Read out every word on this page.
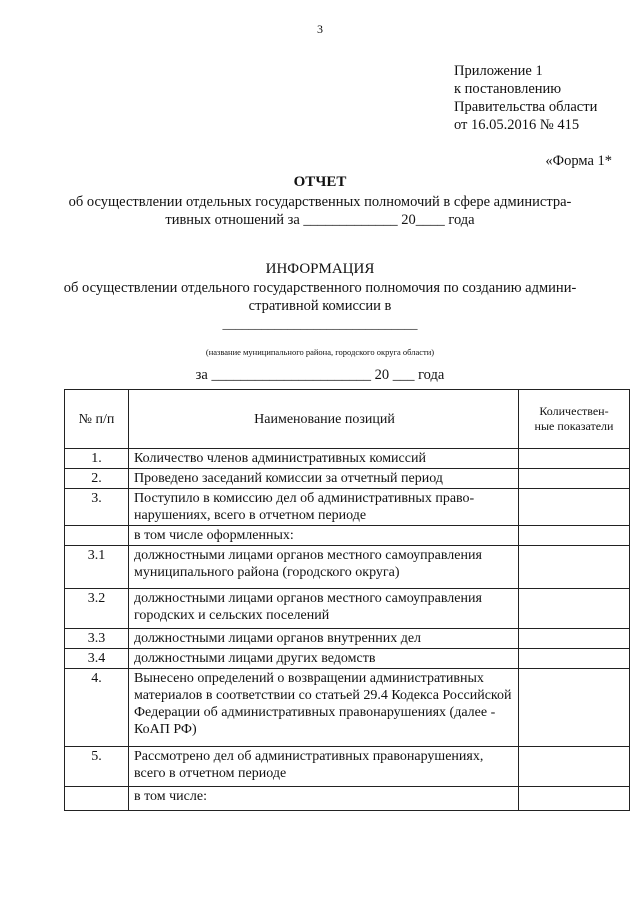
3
Приложение 1
к постановлению
Правительства области
от 16.05.2016 № 415
«Форма 1*
ОТЧЕТ
об осуществлении отдельных государственных полномочий в сфере администра-
тивных отношений за _____________ 20____ года
ИНФОРМАЦИЯ
об осуществлении отдельного государственного полномочия по созданию админи-
стративной комиссии в
______________________________
(название муниципального района, городского округа области)
за ______________________ 20 ___ года
№ п/п	Наименование позиций	Количествен-
ные показатели
1.	Количество членов административных комиссий	
2.	Проведено заседаний комиссии за отчетный период	
3.	Поступило в комиссию дел об административных право-нарушениях, всего в отчетном периоде	
	в том числе оформленных:	
3.1	должностными лицами органов местного самоуправления муниципального района (городского округа)	
3.2	должностными лицами органов местного самоуправления городских и сельских поселений	
3.3	должностными лицами органов внутренних дел	
3.4	должностными лицами других ведомств	
4.	Вынесено определений о возвращении административных материалов в соответствии со статьей 29.4 Кодекса Российской Федерации об административных правонарушениях (далее - КоАП РФ)	
5.	Рассмотрено дел об административных правонарушениях, всего в отчетном периоде	
	в том числе:	
